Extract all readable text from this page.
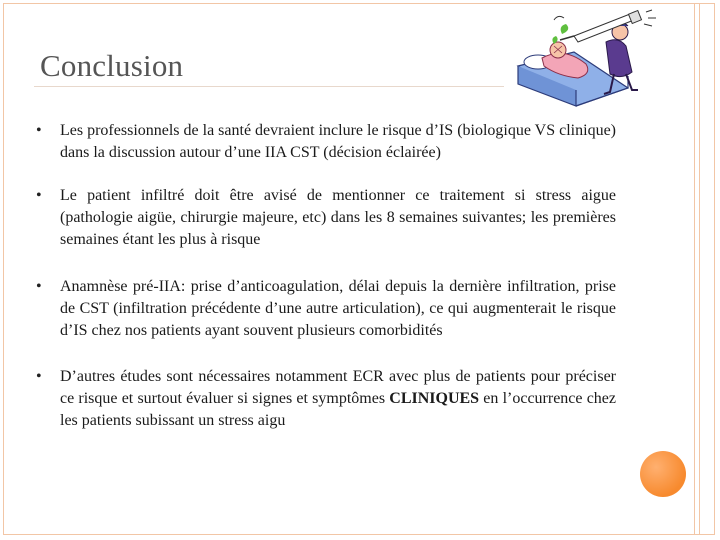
Conclusion
• Les professionnels de la santé devraient inclure le risque d’IS (biologique VS clinique) dans la discussion autour d’une IIA CST (décision éclairée)
• Le patient infiltré doit être avisé de mentionner ce traitement si stress aigue (pathologie aigüe, chirurgie majeure, etc) dans les 8 semaines suivantes; les premières semaines étant les plus à risque
• Anamnèse pré-IIA: prise d’anticoagulation, délai depuis la dernière infiltration, prise de CST (infiltration précédente d’une autre articulation), ce qui augmenterait le risque d’IS chez nos patients ayant souvent plusieurs comorbidités
• D’autres études sont nécessaires notamment ECR avec plus de patients pour préciser ce risque et surtout évaluer si signes et symptômes CLINIQUES en l’occurrence chez les patients subissant un stress aigu
